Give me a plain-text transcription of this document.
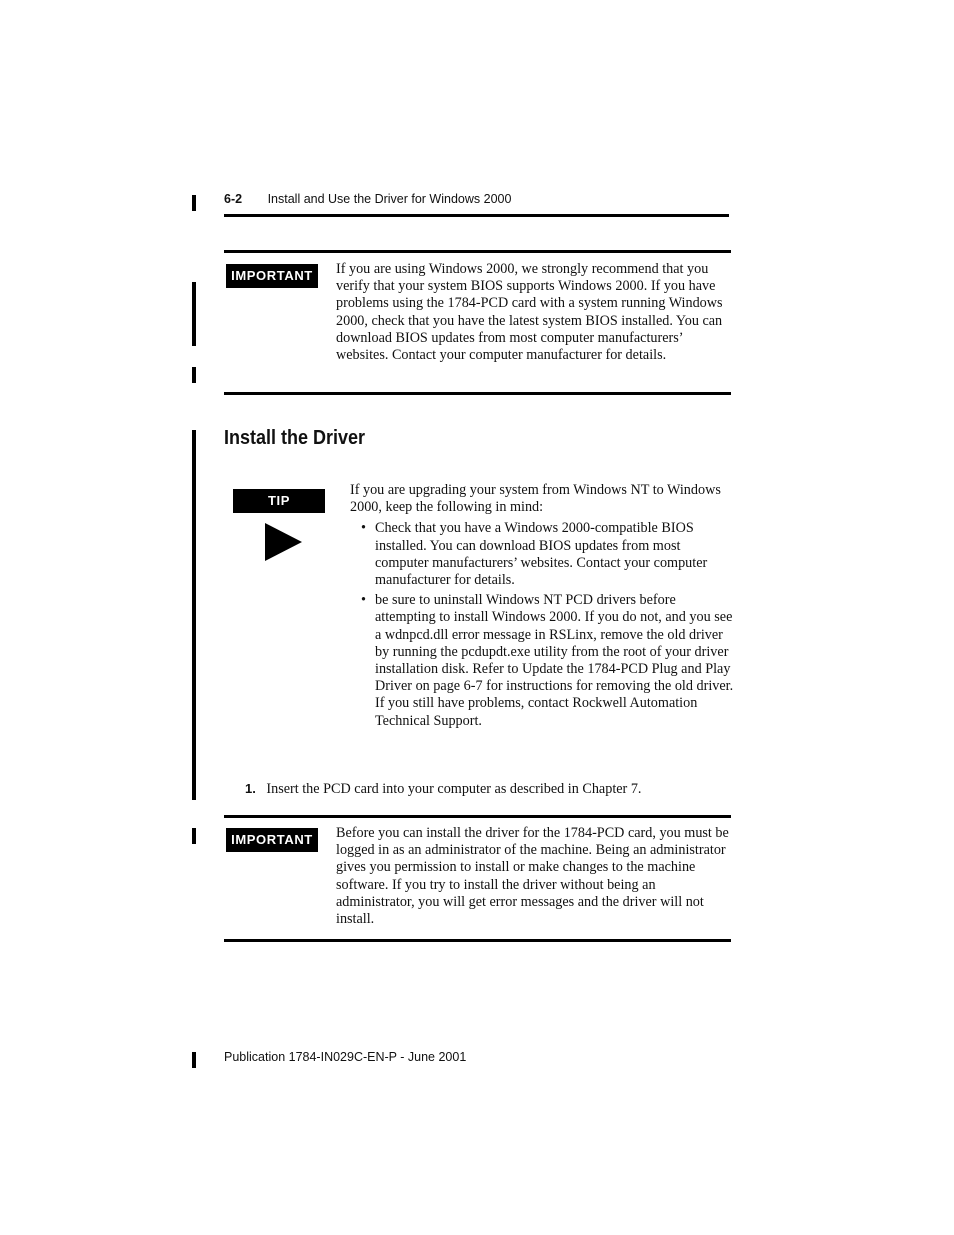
6-2 Install and Use the Driver for Windows 2000
IMPORTANT	If you are using Windows 2000, we strongly recommend that you verify that your system BIOS supports Windows 2000. If you have problems using the 1784-PCD card with a system running Windows 2000, check that you have the latest system BIOS installed. You can download BIOS updates from most computer manufacturers’ websites. Contact your computer manufacturer for details.
Install the Driver
TIP
If you are upgrading your system from Windows NT to Windows 2000, keep the following in mind:
• Check that you have a Windows 2000-compatible BIOS installed. You can download BIOS updates from most computer manufacturers’ websites. Contact your computer manufacturer for details.
• be sure to uninstall Windows NT PCD drivers before attempting to install Windows 2000. If you do not, and you see a wdnpcd.dll error message in RSLinx, remove the old driver by running the pcdupdt.exe utility from the root of your driver installation disk. Refer to Update the 1784-PCD Plug and Play Driver on page 6-7 for instructions for removing the old driver. If you still have problems, contact Rockwell Automation Technical Support.
1. Insert the PCD card into your computer as described in Chapter 7.
IMPORTANT	Before you can install the driver for the 1784-PCD card, you must be logged in as an administrator of the machine. Being an administrator gives you permission to install or make changes to the machine software. If you try to install the driver without being an administrator, you will get error messages and the driver will not install.
Publication 1784-IN029C-EN-P - June 2001
